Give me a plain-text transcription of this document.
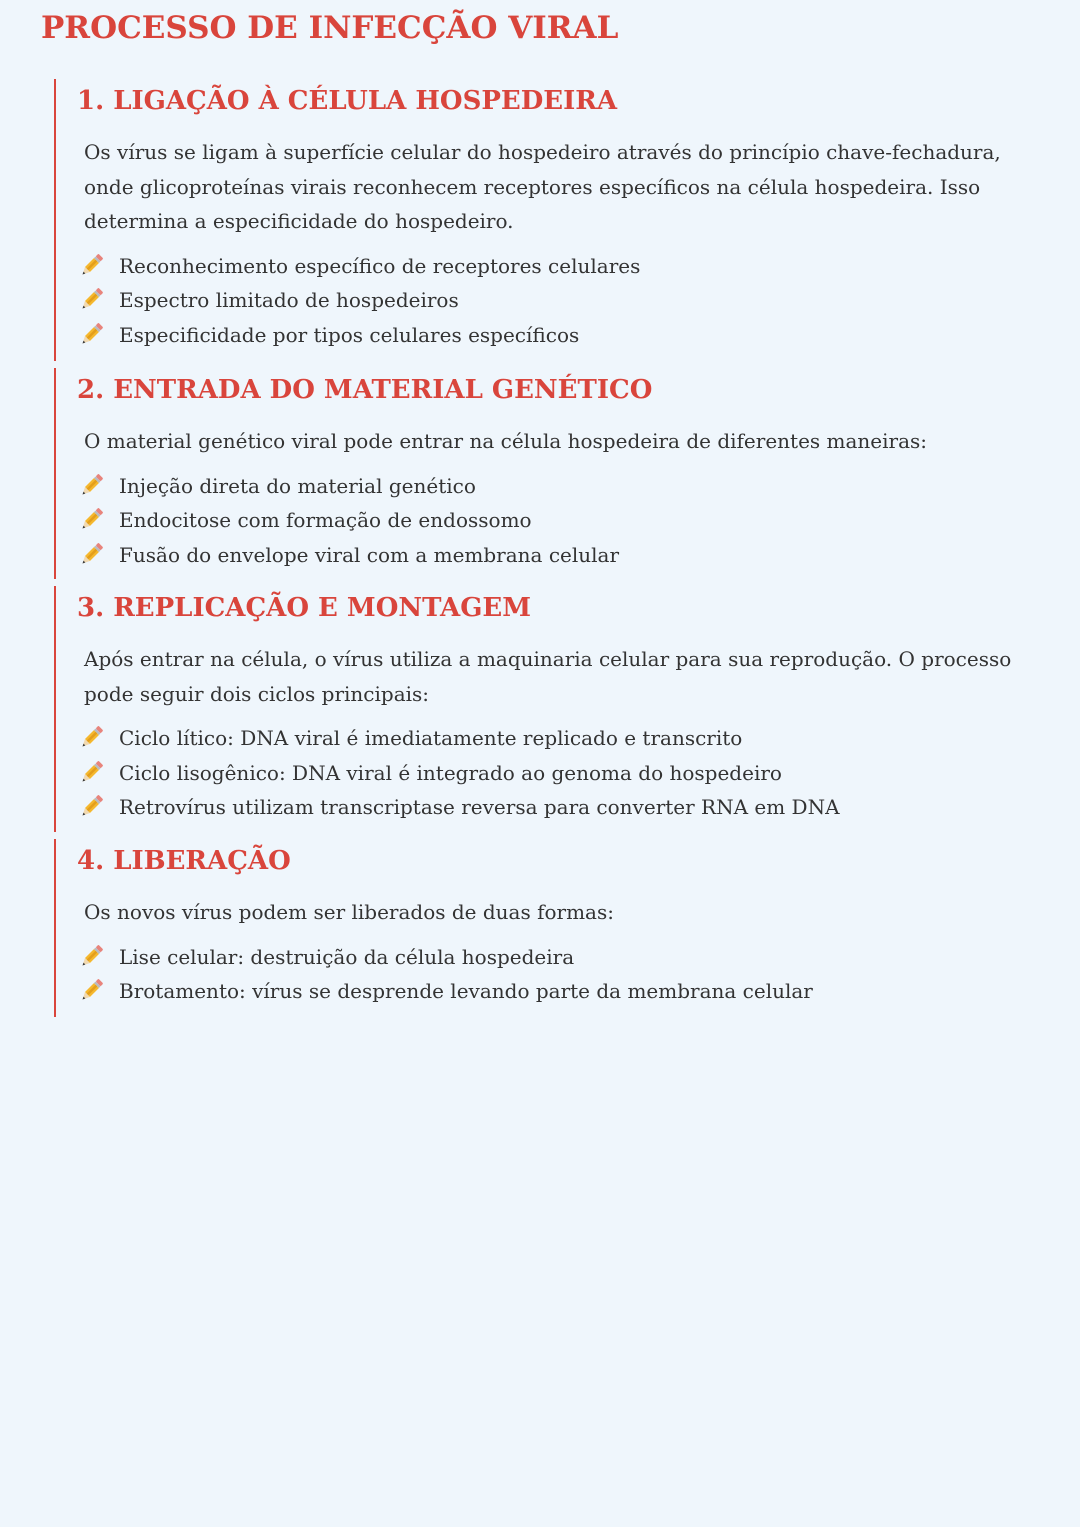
PROCESSO DE INFECÇÃO VIRAL
1. LIGAÇÃO À CÉLULA HOSPEDEIRA

Os vírus se ligam à superfície celular do hospedeiro através do princípio chave-fechadura, onde glicoproteínas virais reconhecem receptores específicos na célula hospedeira. Isso determina a especificidade do hospedeiro.

Reconhecimento específico de receptores celulares
Espectro limitado de hospedeiros
Especificidade por tipos celulares específicos
2. ENTRADA DO MATERIAL GENÉTICO

O material genético viral pode entrar na célula hospedeira de diferentes maneiras:

Injeção direta do material genético
Endocitose com formação de endossomo
Fusão do envelope viral com a membrana celular
3. REPLICAÇÃO E MONTAGEM

Após entrar na célula, o vírus utiliza a maquinaria celular para sua reprodução. O processo pode seguir dois ciclos principais:

Ciclo lítico: DNA viral é imediatamente replicado e transcrito
Ciclo lisogênico: DNA viral é integrado ao genoma do hospedeiro
Retrovírus utilizam transcriptase reversa para converter RNA em DNA
4. LIBERAÇÃO

Os novos vírus podem ser liberados de duas formas:

Lise celular: destruição da célula hospedeira
Brotamento: vírus se desprende levando parte da membrana celular
